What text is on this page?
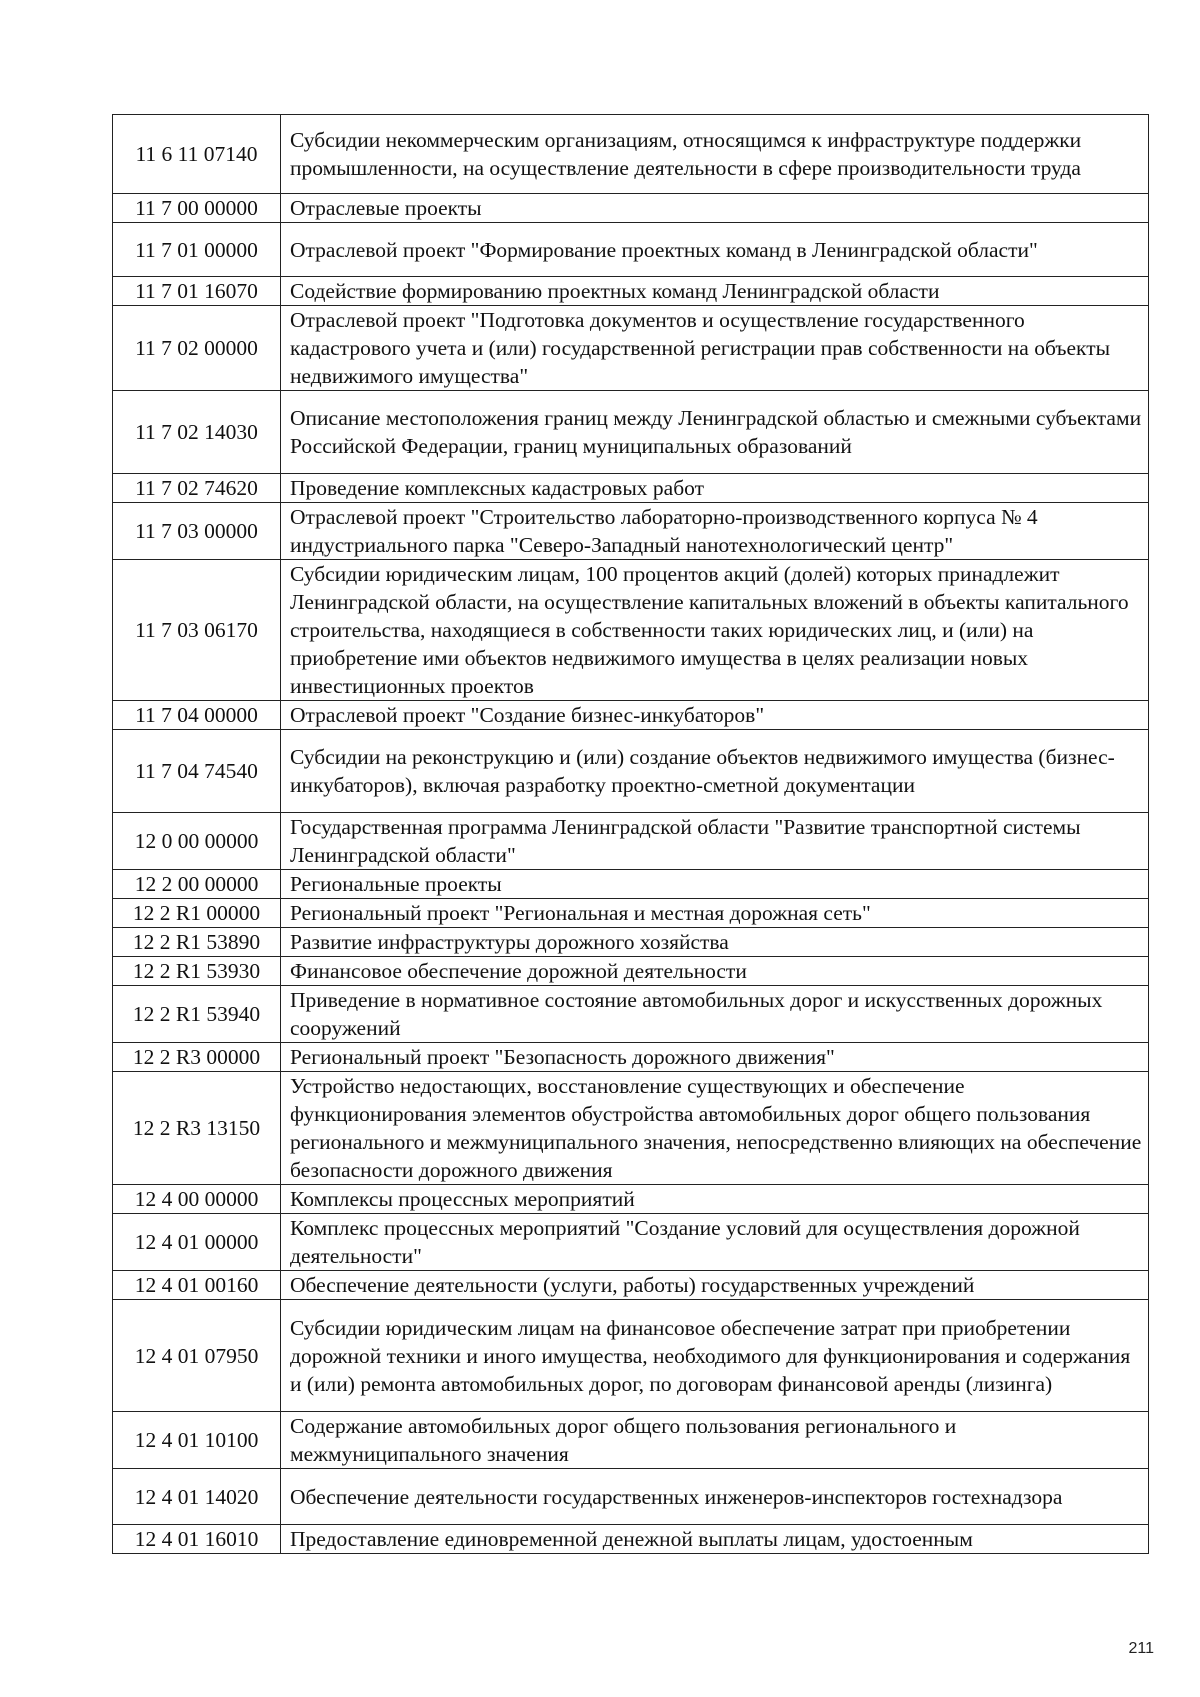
11 6 11 07140	Субсидии некоммерческим организациям, относящимся к инфраструктуре поддержки промышленности, на осуществление деятельности в сфере производительности труда
11 7 00 00000	Отраслевые проекты
11 7 01 00000	Отраслевой проект "Формирование проектных команд в Ленинградской области"
11 7 01 16070	Содействие формированию проектных команд Ленинградской области
11 7 02 00000	Отраслевой проект "Подготовка документов и осуществление государственного кадастрового учета и (или) государственной регистрации прав собственности на объекты недвижимого имущества"
11 7 02 14030	Описание местоположения границ между Ленинградской областью и смежными субъектами Российской Федерации, границ муниципальных образований
11 7 02 74620	Проведение комплексных кадастровых работ
11 7 03 00000	Отраслевой проект "Строительство лабораторно-производственного корпуса № 4 индустриального парка "Северо-Западный нанотехнологический центр"
11 7 03 06170	Субсидии юридическим лицам, 100 процентов акций (долей) которых принадлежит Ленинградской области, на осуществление капитальных вложений в объекты капитального строительства, находящиеся в собственности таких юридических лиц, и (или) на приобретение ими объектов недвижимого имущества в целях реализации новых инвестиционных проектов
11 7 04 00000	Отраслевой проект "Создание бизнес-инкубаторов"
11 7 04 74540	Субсидии на реконструкцию и (или) создание объектов недвижимого имущества (бизнес-инкубаторов), включая разработку проектно-сметной документации
12 0 00 00000	Государственная программа Ленинградской области "Развитие транспортной системы Ленинградской области"
12 2 00 00000	Региональные проекты
12 2 R1 00000	Региональный проект "Региональная и местная дорожная сеть"
12 2 R1 53890	Развитие инфраструктуры дорожного хозяйства
12 2 R1 53930	Финансовое обеспечение дорожной деятельности
12 2 R1 53940	Приведение в нормативное состояние автомобильных дорог и искусственных дорожных сооружений
12 2 R3 00000	Региональный проект "Безопасность дорожного движения"
12 2 R3 13150	Устройство недостающих, восстановление существующих и обеспечение функционирования элементов обустройства автомобильных дорог общего пользования регионального и межмуниципального значения, непосредственно влияющих на обеспечение безопасности дорожного движения
12 4 00 00000	Комплексы процессных мероприятий
12 4 01 00000	Комплекс процессных мероприятий "Создание условий для осуществления дорожной деятельности"
12 4 01 00160	Обеспечение деятельности (услуги, работы) государственных учреждений
12 4 01 07950	Субсидии юридическим лицам на финансовое обеспечение затрат при приобретении дорожной техники и иного имущества, необходимого для функционирования и содержания и (или) ремонта автомобильных дорог, по договорам финансовой аренды (лизинга)
12 4 01 10100	Содержание автомобильных дорог общего пользования регионального и межмуниципального значения
12 4 01 14020	Обеспечение деятельности государственных инженеров-инспекторов гостехнадзора
12 4 01 16010	Предоставление единовременной денежной выплаты лицам, удостоенным
211
